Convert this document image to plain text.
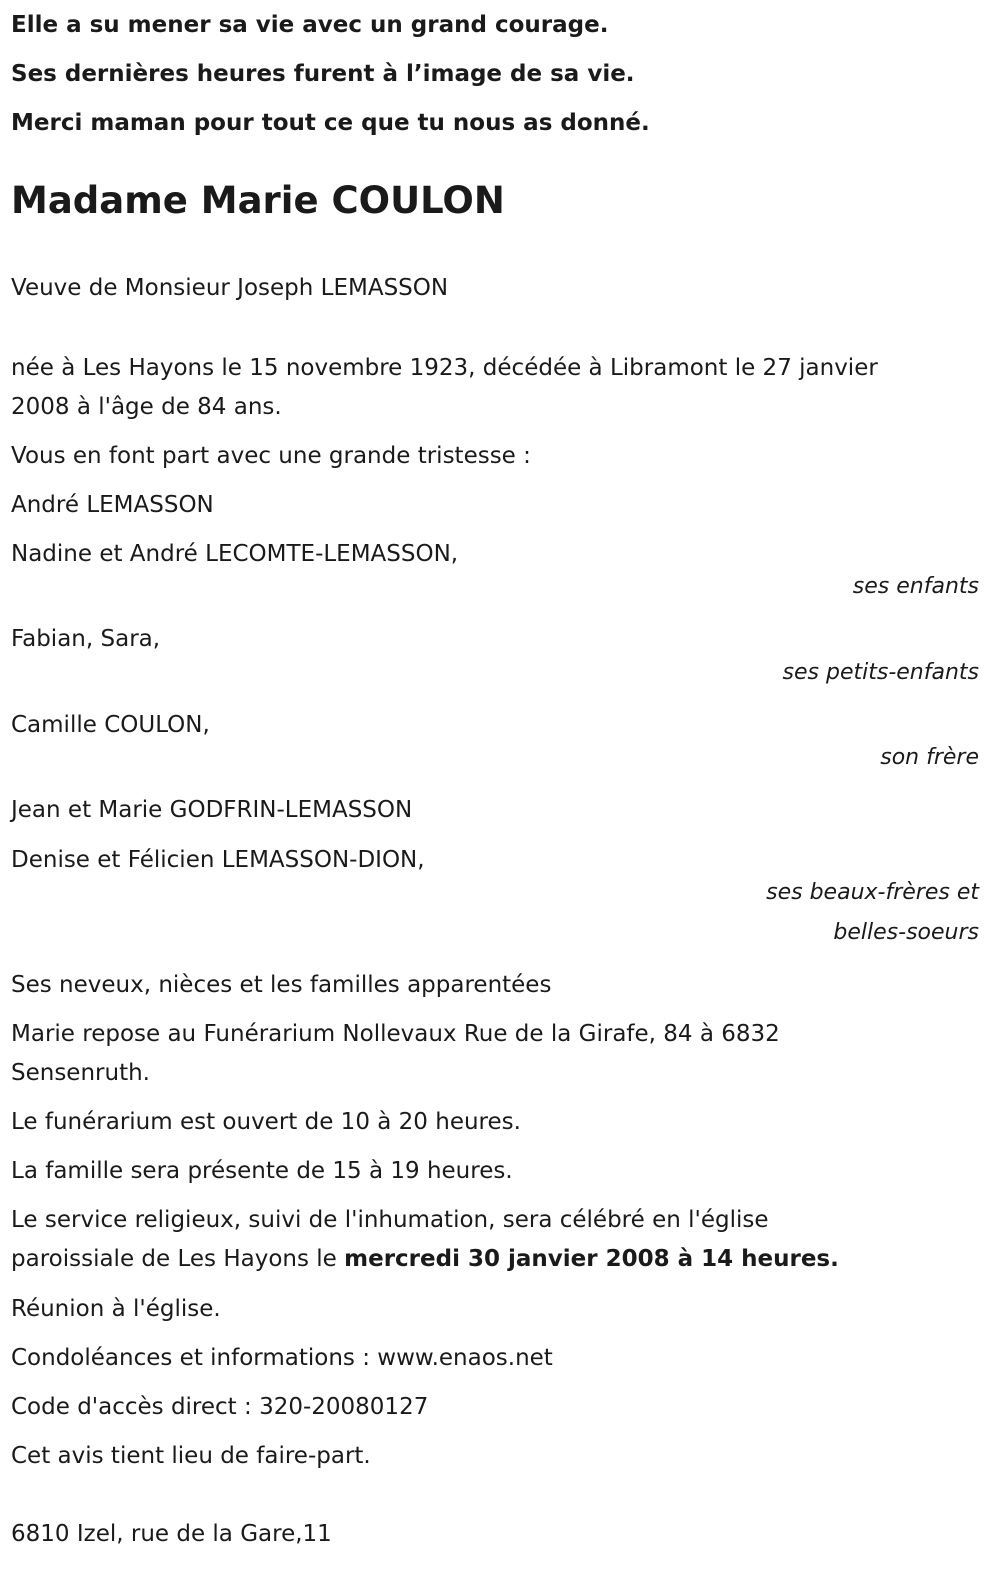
Elle a su mener sa vie avec un grand courage.
Ses dernières heures furent à l’image de sa vie.
Merci maman pour tout ce que tu nous as donné.
Madame Marie COULON
Veuve de Monsieur Joseph LEMASSON
née à Les Hayons le 15 novembre 1923, décédée à Libramont le 27 janvier
2008 à l'âge de 84 ans.
Vous en font part avec une grande tristesse :
André LEMASSON
Nadine et André LECOMTE-LEMASSON,
ses enfants
Fabian, Sara,
ses petits-enfants
Camille COULON,
son frère
Jean et Marie GODFRIN-LEMASSON
Denise et Félicien LEMASSON-DION,
ses beaux-frères et
belles-soeurs
Ses neveux, nièces et les familles apparentées
Marie repose au Funérarium Nollevaux Rue de la Girafe, 84 à 6832
Sensenruth.
Le funérarium est ouvert de 10 à 20 heures.
La famille sera présente de 15 à 19 heures.
Le service religieux, suivi de l'inhumation, sera célébré en l'église
paroissiale de Les Hayons le mercredi 30 janvier 2008 à 14 heures.
Réunion à l'église.
Condoléances et informations : www.enaos.net
Code d'accès direct : 320-20080127
Cet avis tient lieu de faire-part.
6810 Izel, rue de la Gare,11
